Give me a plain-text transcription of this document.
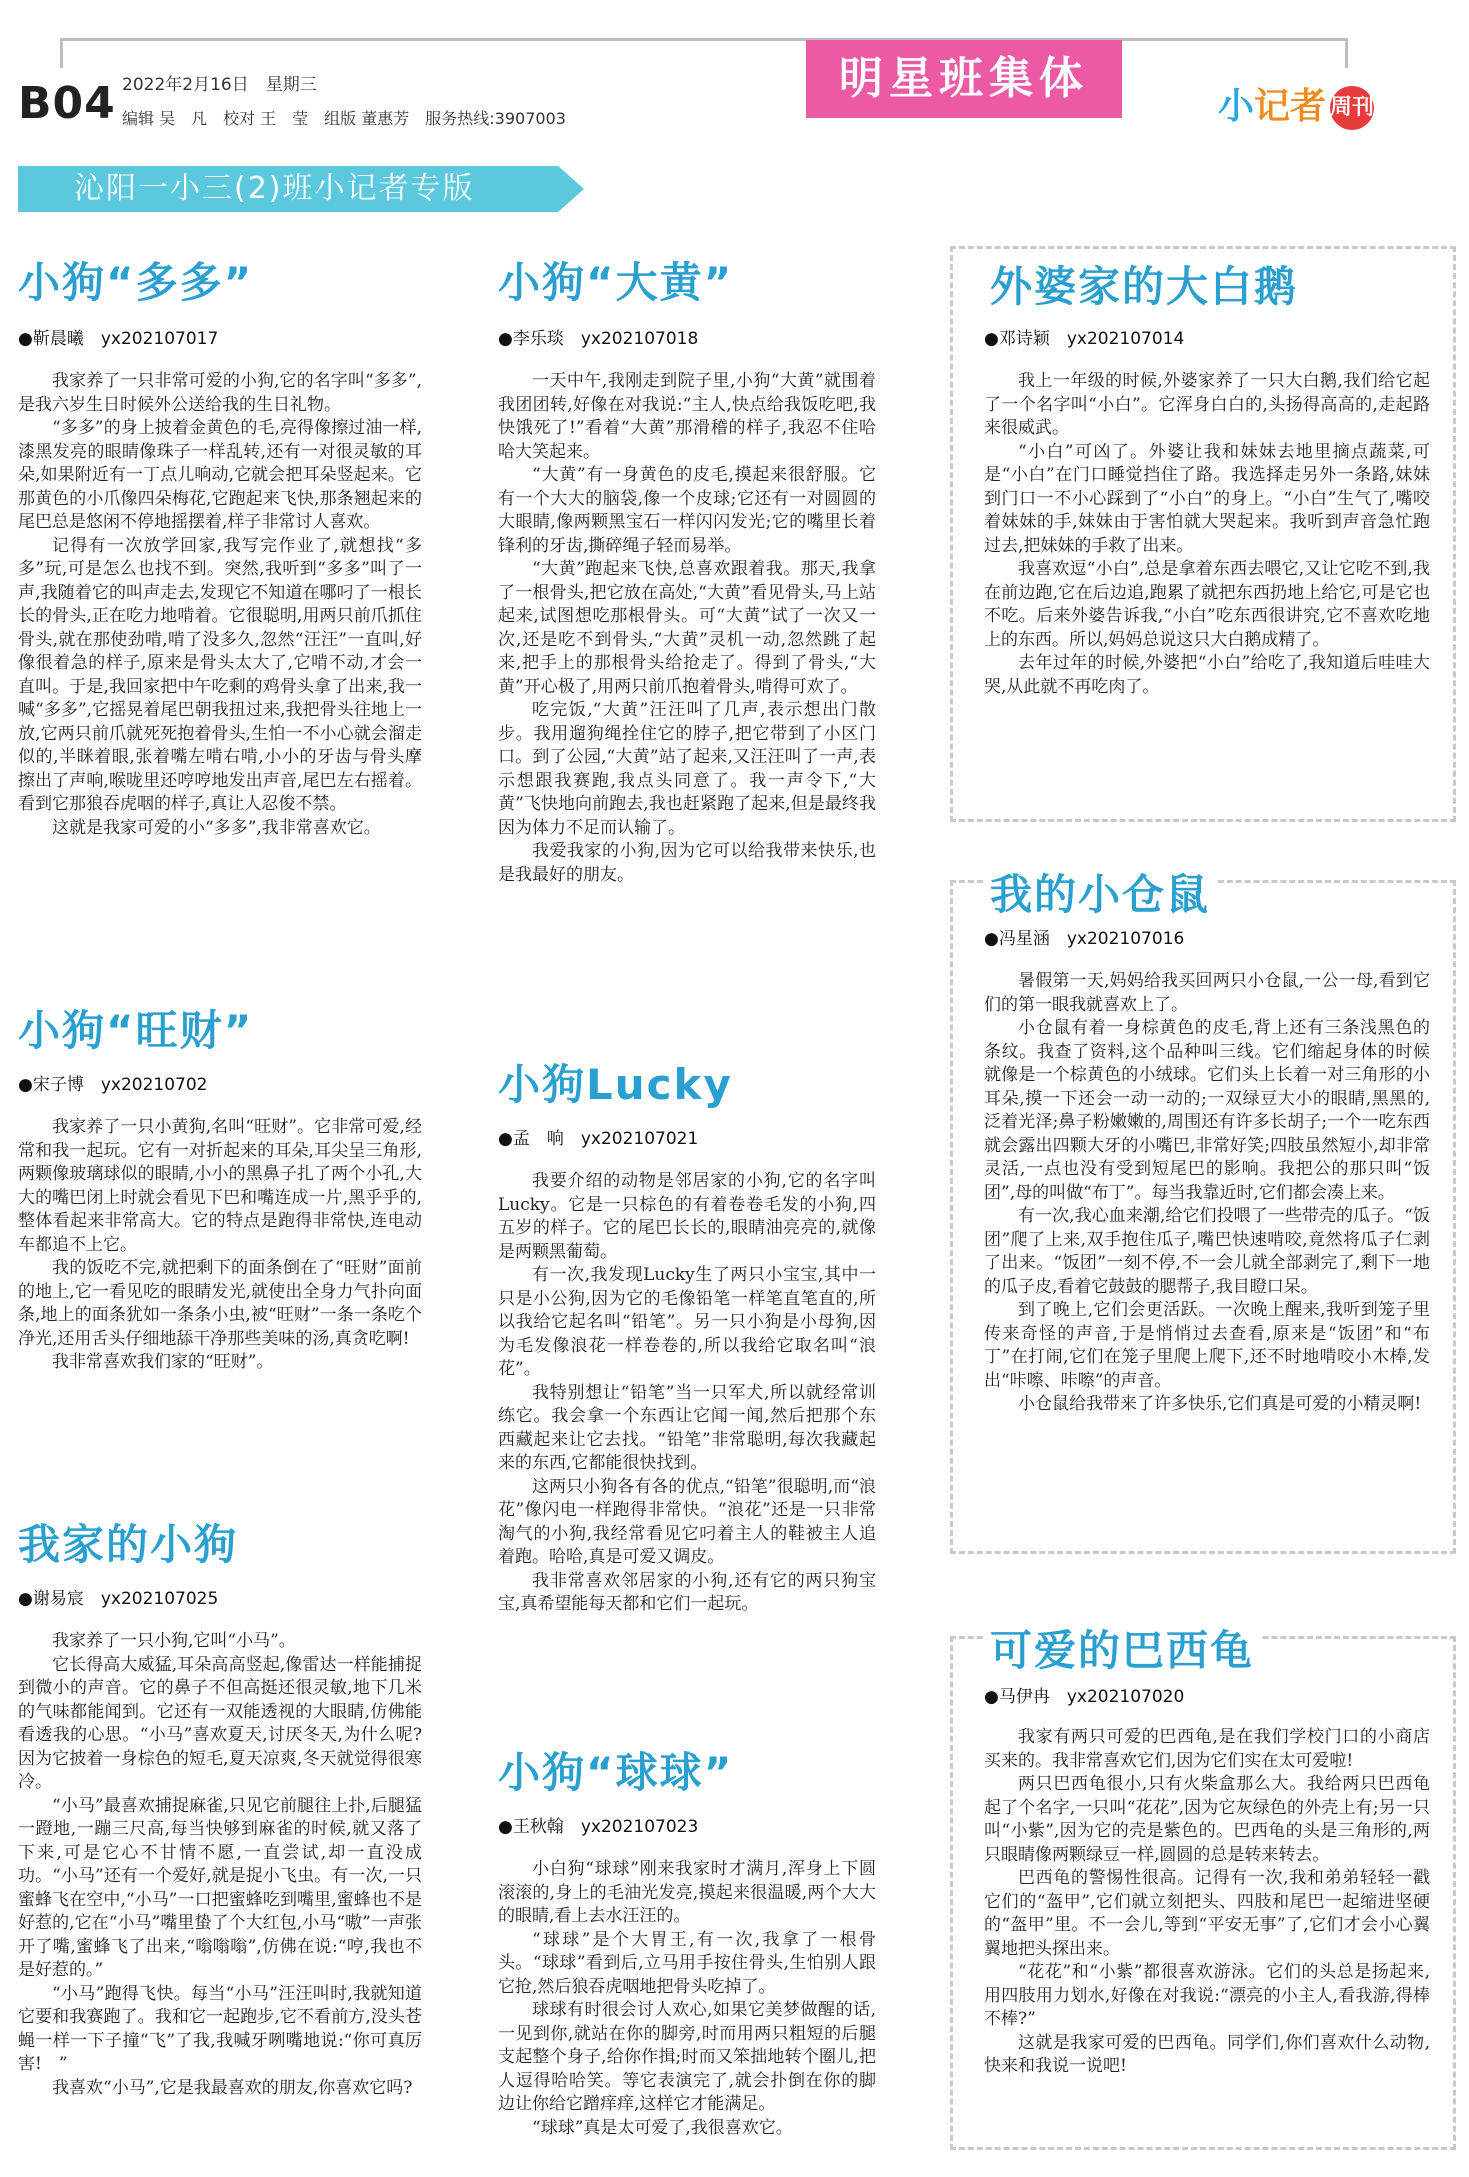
B04 2022年2月16日　星期三
编辑 吴　凡　校对 王　莹　组版 董惠芳　服务热线:3907003
明星班集体
小记者 周刊
沁阳一小三(2)班小记者专版
小狗“多多”
●靳晨曦　yx202107017

我家养了一只非常可爱的小狗,它的名字叫“多多”,是我六岁生日时候外公送给我的生日礼物。

“多多”的身上披着金黄色的毛,亮得像擦过油一样,漆黑发亮的眼睛像珠子一样乱转,还有一对很灵敏的耳朵,如果附近有一丁点儿响动,它就会把耳朵竖起来。它那黄色的小爪像四朵梅花,它跑起来飞快,那条翘起来的尾巴总是悠闲不停地摇摆着,样子非常讨人喜欢。

记得有一次放学回家,我写完作业了,就想找“多多”玩,可是怎么也找不到。突然,我听到“多多”叫了一声,我随着它的叫声走去,发现它不知道在哪叼了一根长长的骨头,正在吃力地啃着。它很聪明,用两只前爪抓住骨头,就在那使劲啃,啃了没多久,忽然“汪汪”一直叫,好像很着急的样子,原来是骨头太大了,它啃不动,才会一直叫。于是,我回家把中午吃剩的鸡骨头拿了出来,我一喊“多多”,它摇晃着尾巴朝我扭过来,我把骨头往地上一放,它两只前爪就死死抱着骨头,生怕一不小心就会溜走似的,半眯着眼,张着嘴左啃右啃,小小的牙齿与骨头摩擦出了声响,喉咙里还哼哼地发出声音,尾巴左右摇着。看到它那狼吞虎咽的样子,真让人忍俊不禁。

这就是我家可爱的小“多多”,我非常喜欢它。

小狗“旺财”
●宋子博　yx20210702

我家养了一只小黄狗,名叫“旺财”。它非常可爱,经常和我一起玩。它有一对折起来的耳朵,耳尖呈三角形,两颗像玻璃球似的眼睛,小小的黑鼻子扎了两个小孔,大大的嘴巴闭上时就会看见下巴和嘴连成一片,黑乎乎的,整体看起来非常高大。它的特点是跑得非常快,连电动车都追不上它。

我的饭吃不完,就把剩下的面条倒在了“旺财”面前的地上,它一看见吃的眼睛发光,就使出全身力气扑向面条,地上的面条犹如一条条小虫,被“旺财”一条一条吃个净光,还用舌头仔细地舔干净那些美味的汤,真贪吃啊!

我非常喜欢我们家的“旺财”。

我家的小狗
●谢易宸　yx202107025

我家养了一只小狗,它叫“小马”。

它长得高大威猛,耳朵高高竖起,像雷达一样能捕捉到微小的声音。它的鼻子不但高挺还很灵敏,地下几米的气味都能闻到。它还有一双能透视的大眼睛,仿佛能看透我的心思。“小马”喜欢夏天,讨厌冬天,为什么呢?因为它披着一身棕色的短毛,夏天凉爽,冬天就觉得很寒冷。

“小马”最喜欢捕捉麻雀,只见它前腿往上扑,后腿猛一蹬地,一蹦三尺高,每当快够到麻雀的时候,就又落了下来,可是它心不甘情不愿,一直尝试,却一直没成功。“小马”还有一个爱好,就是捉小飞虫。有一次,一只蜜蜂飞在空中,“小马”一口把蜜蜂吃到嘴里,蜜蜂也不是好惹的,它在“小马”嘴里蛰了个大红包,小马“嗷”一声张开了嘴,蜜蜂飞了出来,“嗡嗡嗡”,仿佛在说:“哼,我也不是好惹的。”

“小马”跑得飞快。每当“小马”汪汪叫时,我就知道它要和我赛跑了。我和它一起跑步,它不看前方,没头苍蝇一样一下子撞“飞”了我,我喊牙咧嘴地说:“你可真厉害!　”

我喜欢“小马”,它是我最喜欢的朋友,你喜欢它吗?

小狗“大黄”
●李乐琰　yx202107018

一天中午,我刚走到院子里,小狗“大黄”就围着我团团转,好像在对我说:“主人,快点给我饭吃吧,我快饿死了!”看着“大黄”那滑稽的样子,我忍不住哈哈大笑起来。

“大黄”有一身黄色的皮毛,摸起来很舒服。它有一个大大的脑袋,像一个皮球;它还有一对圆圆的大眼睛,像两颗黑宝石一样闪闪发光;它的嘴里长着锋利的牙齿,撕碎绳子轻而易举。

“大黄”跑起来飞快,总喜欢跟着我。那天,我拿了一根骨头,把它放在高处,“大黄”看见骨头,马上站起来,试图想吃那根骨头。可“大黄”试了一次又一次,还是吃不到骨头,“大黄”灵机一动,忽然跳了起来,把手上的那根骨头给抢走了。得到了骨头,“大黄”开心极了,用两只前爪抱着骨头,啃得可欢了。

吃完饭,“大黄”汪汪叫了几声,表示想出门散步。我用遛狗绳拴住它的脖子,把它带到了小区门口。到了公园,“大黄”站了起来,又汪汪叫了一声,表示想跟我赛跑,我点头同意了。我一声令下,“大黄”飞快地向前跑去,我也赶紧跑了起来,但是最终我因为体力不足而认输了。

我爱我家的小狗,因为它可以给我带来快乐,也是我最好的朋友。

小狗Lucky
●孟　响　yx202107021

我要介绍的动物是邻居家的小狗,它的名字叫Lucky。它是一只棕色的有着卷卷毛发的小狗,四五岁的样子。它的尾巴长长的,眼睛油亮亮的,就像是两颗黑葡萄。

有一次,我发现Lucky生了两只小宝宝,其中一只是小公狗,因为它的毛像铅笔一样笔直笔直的,所以我给它起名叫“铅笔”。另一只小狗是小母狗,因为毛发像浪花一样卷卷的,所以我给它取名叫“浪花”。

我特别想让“铅笔”当一只军犬,所以就经常训练它。我会拿一个东西让它闻一闻,然后把那个东西藏起来让它去找。“铅笔”非常聪明,每次我藏起来的东西,它都能很快找到。

这两只小狗各有各的优点,“铅笔”很聪明,而“浪花”像闪电一样跑得非常快。“浪花”还是一只非常淘气的小狗,我经常看见它叼着主人的鞋被主人追着跑。哈哈,真是可爱又调皮。

我非常喜欢邻居家的小狗,还有它的两只狗宝宝,真希望能每天都和它们一起玩。

小狗“球球”
●王秋翰　yx202107023

小白狗“球球”刚来我家时才满月,浑身上下圆滚滚的,身上的毛油光发亮,摸起来很温暖,两个大大的眼睛,看上去水汪汪的。

“球球”是个大胃王,有一次,我拿了一根骨头。“球球”看到后,立马用手按住骨头,生怕别人跟它抢,然后狼吞虎咽地把骨头吃掉了。

球球有时很会讨人欢心,如果它美梦做醒的话,一见到你,就站在你的脚旁,时而用两只粗短的后腿支起整个身子,给你作揖;时而又笨拙地转个圈儿,把人逗得哈哈笑。等它表演完了,就会扑倒在你的脚边让你给它蹭痒痒,这样它才能满足。

“球球”真是太可爱了,我很喜欢它。

外婆家的大白鹅
●邓诗颖　yx202107014

我上一年级的时候,外婆家养了一只大白鹅,我们给它起了一个名字叫“小白”。它浑身白白的,头扬得高高的,走起路来很威武。

“小白”可凶了。外婆让我和妹妹去地里摘点蔬菜,可是“小白”在门口睡觉挡住了路。我选择走另外一条路,妹妹到门口一不小心踩到了“小白”的身上。“小白”生气了,嘴咬着妹妹的手,妹妹由于害怕就大哭起来。我听到声音急忙跑过去,把妹妹的手救了出来。

我喜欢逗“小白”,总是拿着东西去喂它,又让它吃不到,我在前边跑,它在后边追,跑累了就把东西扔地上给它,可是它也不吃。后来外婆告诉我,“小白”吃东西很讲究,它不喜欢吃地上的东西。所以,妈妈总说这只大白鹅成精了。

去年过年的时候,外婆把“小白”给吃了,我知道后哇哇大哭,从此就不再吃肉了。

我的小仓鼠
●冯星涵　yx202107016

暑假第一天,妈妈给我买回两只小仓鼠,一公一母,看到它们的第一眼我就喜欢上了。

小仓鼠有着一身棕黄色的皮毛,背上还有三条浅黑色的条纹。我查了资料,这个品种叫三线。它们缩起身体的时候就像是一个棕黄色的小绒球。它们头上长着一对三角形的小耳朵,摸一下还会一动一动的;一双绿豆大小的眼睛,黑黑的,泛着光泽;鼻子粉嫩嫩的,周围还有许多长胡子;一个一吃东西就会露出四颗大牙的小嘴巴,非常好笑;四肢虽然短小,却非常灵活,一点也没有受到短尾巴的影响。我把公的那只叫“饭团”,母的叫做“布丁”。每当我靠近时,它们都会凑上来。

有一次,我心血来潮,给它们投喂了一些带壳的瓜子。“饭团”爬了上来,双手抱住瓜子,嘴巴快速啃咬,竟然将瓜子仁剥了出来。“饭团”一刻不停,不一会儿就全部剥完了,剩下一地的瓜子皮,看着它鼓鼓的腮帮子,我目瞪口呆。

到了晚上,它们会更活跃。一次晚上醒来,我听到笼子里传来奇怪的声音,于是悄悄过去查看,原来是“饭团”和“布丁”在打闹,它们在笼子里爬上爬下,还不时地啃咬小木棒,发出“咔嚓、咔嚓”的声音。

小仓鼠给我带来了许多快乐,它们真是可爱的小精灵啊!

可爱的巴西龟
●马伊冉　yx202107020

我家有两只可爱的巴西龟,是在我们学校门口的小商店买来的。我非常喜欢它们,因为它们实在太可爱啦!

两只巴西龟很小,只有火柴盒那么大。我给两只巴西龟起了个名字,一只叫“花花”,因为它灰绿色的外壳上有;另一只叫“小紫”,因为它的壳是紫色的。巴西龟的头是三角形的,两只眼睛像两颗绿豆一样,圆圆的总是转来转去。

巴西龟的警惕性很高。记得有一次,我和弟弟轻轻一戳它们的“盔甲”,它们就立刻把头、四肢和尾巴一起缩进坚硬的“盔甲”里。不一会儿,等到“平安无事”了,它们才会小心翼翼地把头探出来。

“花花”和“小紫”都很喜欢游泳。它们的头总是扬起来,用四肢用力划水,好像在对我说:“漂亮的小主人,看我游,得棒不棒?”

这就是我家可爱的巴西龟。同学们,你们喜欢什么动物,快来和我说一说吧!
